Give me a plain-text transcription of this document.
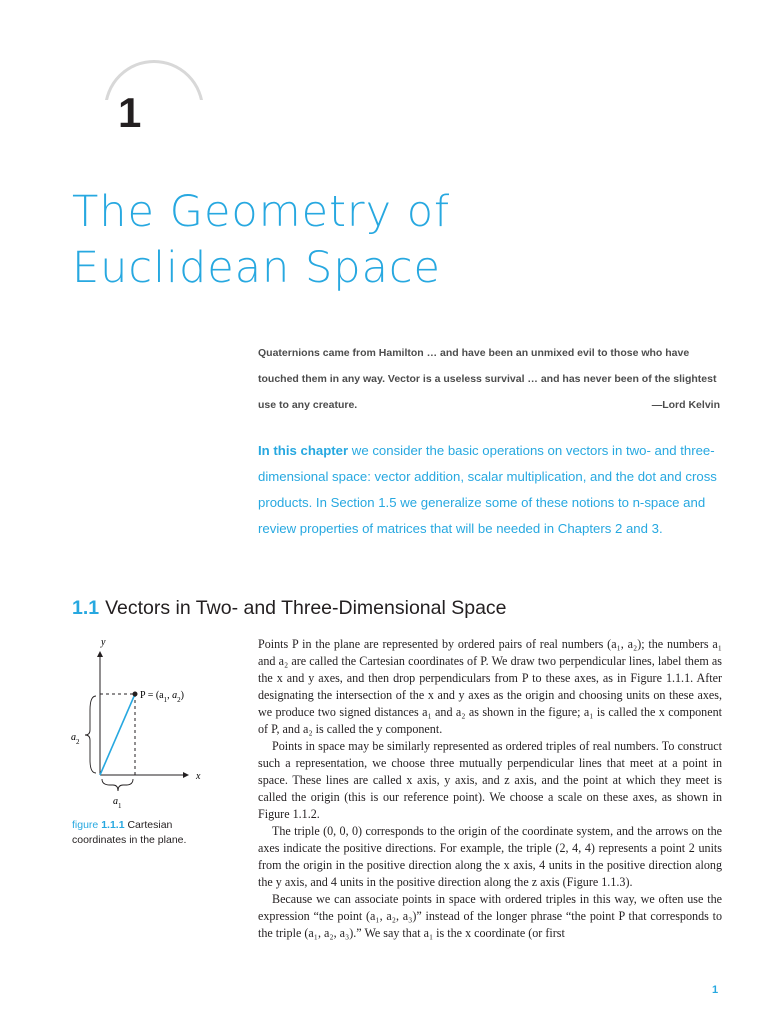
1
The Geometry of
Euclidean Space
Quaternions came from Hamilton … and have been an unmixed evil to those who have
touched them in any way. Vector is a useless survival … and has never been of the slightest
use to any creature.	—Lord Kelvin
In this chapter we consider the basic operations on vectors in two- and three-dimensional space: vector addition, scalar multiplication, and the dot and cross products. In Section 1.5 we generalize some of these notions to n-space and review properties of matrices that will be needed in Chapters 2 and 3.
1.1 Vectors in Two- and Three-Dimensional Space
y
x
$P = (a_1$, $a_2$)
$a_2$
$a_1$
figure 1.1.1 Cartesian coordinates in the plane.

Points P in the plane are represented by ordered pairs of real numbers (a₁, a₂); the numbers a₁ and a₂ are called the Cartesian coordinates of P. We draw two perpendicular lines, label them as the x and y axes, and then drop perpendiculars from P to these axes, as in Figure 1.1.1. After designating the intersection of the x and y axes as the origin and choosing units on these axes, we produce two signed distances a₁ and a₂ as shown in the figure; a₁ is called the x component of P, and a₂ is called the y component.

Points in space may be similarly represented as ordered triples of real numbers. To construct such a representation, we choose three mutually perpendicular lines that meet at a point in space. These lines are called x axis, y axis, and z axis, and the point at which they meet is called the origin (this is our reference point). We choose a scale on these axes, as shown in Figure 1.1.2.

The triple (0, 0, 0) corresponds to the origin of the coordinate system, and the arrows on the axes indicate the positive directions. For example, the triple (2, 4, 4) represents a point 2 units from the origin in the positive direction along the x axis, 4 units in the positive direction along the y axis, and 4 units in the positive direction along the z axis (Figure 1.1.3).

Because we can associate points in space with ordered triples in this way, we often use the expression “the point (a₁, a₂, a₃)” instead of the longer phrase “the point P that corresponds to the triple (a₁, a₂, a₃).” We say that a₁ is the x coordinate (or first

1
